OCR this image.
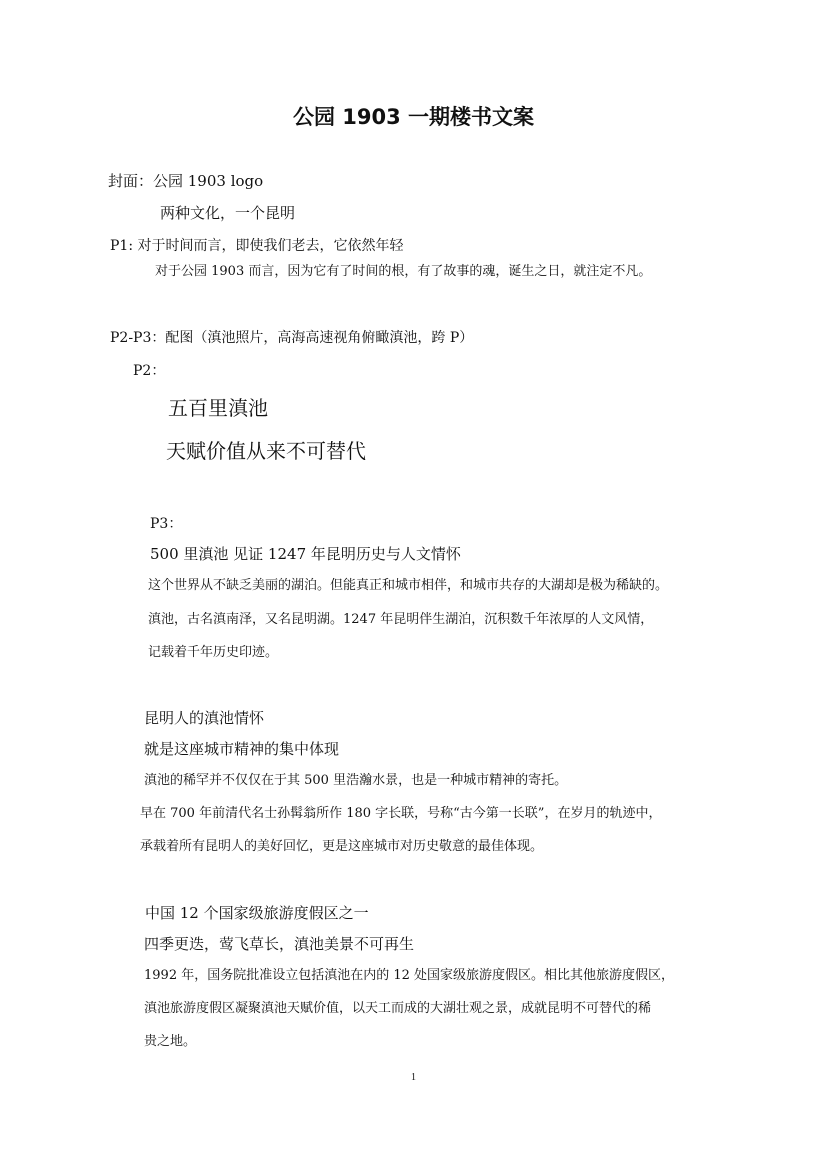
公园 1903 一期楼书文案
封面：公园 1903 logo
两种文化，一个昆明
P1: 对于时间而言，即使我们老去，它依然年轻
对于公园 1903 而言，因为它有了时间的根，有了故事的魂，诞生之日，就注定不凡。
P2-P3：配图（滇池照片，高海高速视角俯瞰滇池，跨 P）
P2：
五百里滇池
天赋价值从来不可替代
P3：
500 里滇池 见证 1247 年昆明历史与人文情怀
这个世界从不缺乏美丽的湖泊。但能真正和城市相伴，和城市共存的大湖却是极为稀缺的。
滇池，古名滇南泽，又名昆明湖。1247 年昆明伴生湖泊，沉积数千年浓厚的人文风情，
记载着千年历史印迹。
昆明人的滇池情怀
就是这座城市精神的集中体现
滇池的稀罕并不仅仅在于其 500 里浩瀚水景，也是一种城市精神的寄托。
早在 700 年前清代名士孙髯翁所作 180 字长联，号称“古今第一长联”，在岁月的轨迹中，
承载着所有昆明人的美好回忆，更是这座城市对历史敬意的最佳体现。
中国 12 个国家级旅游度假区之一
四季更迭，莺飞草长，滇池美景不可再生
1992 年，国务院批准设立包括滇池在内的 12 处国家级旅游度假区。相比其他旅游度假区，
滇池旅游度假区凝聚滇池天赋价值，以天工而成的大湖壮观之景，成就昆明不可替代的稀
贵之地。
1
